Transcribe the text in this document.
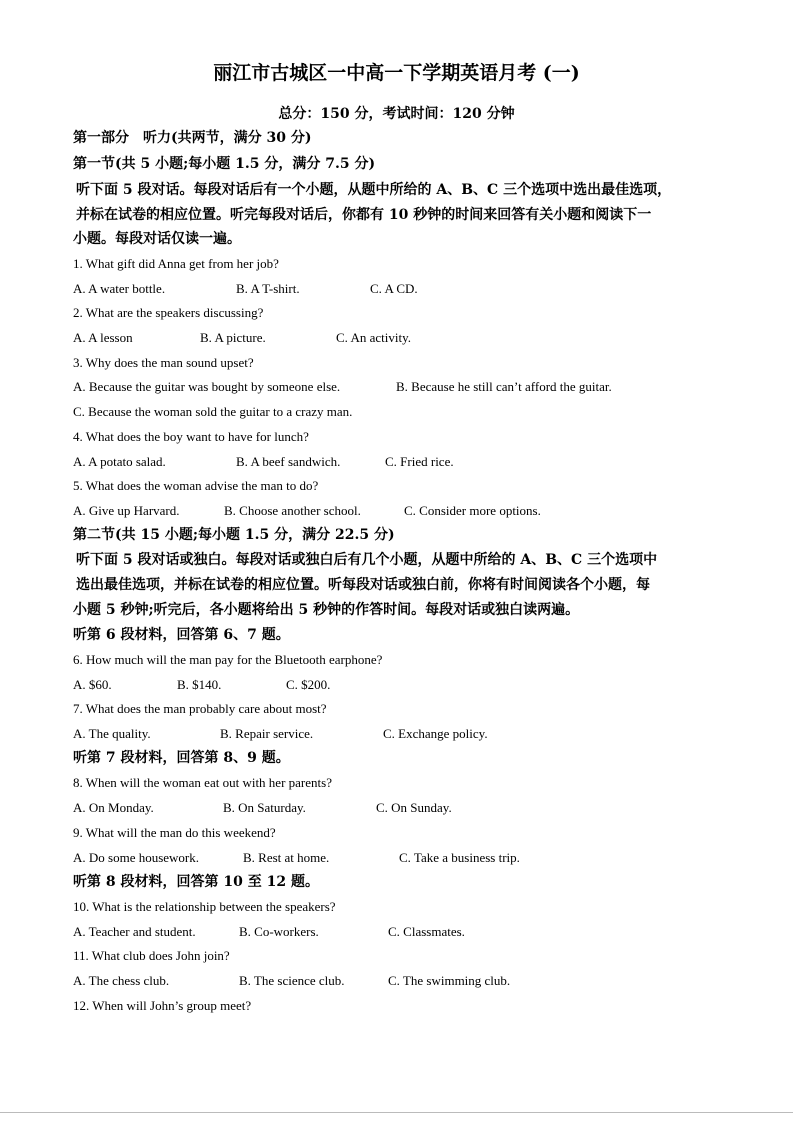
丽江市古城区一中高一下学期英语月考 (一)
总分：150 分，考试时间：120 分钟
第一部分　听力(共两节，满分 30 分)
第一节(共 5 小题;每小题 1.5 分，满分 7.5 分)
听下面 5 段对话。每段对话后有一个小题，从题中所给的 A、B、C 三个选项中选出最佳选项，
并标在试卷的相应位置。听完每段对话后，你都有 10 秒钟的时间来回答有关小题和阅读下一
小题。每段对话仅读一遍。
1. What gift did Anna get from her job?
A. A water bottle.	B. A T-shirt.	C. A CD.
2. What are the speakers discussing?
A. A lesson	B. A picture.	C. An activity.
3. Why does the man sound upset?
A. Because the guitar was bought by someone else.	B. Because he still can’t afford the guitar.
C. Because the woman sold the guitar to a crazy man.
4. What does the boy want to have for lunch?
A. A potato salad.	B. A beef sandwich.	C. Fried rice.
5. What does the woman advise the man to do?
A. Give up Harvard.	B. Choose another school.	C. Consider more options.
第二节(共 15 小题;每小题 1.5 分，满分 22.5 分)
听下面 5 段对话或独白。每段对话或独白后有几个小题，从题中所给的 A、B、C 三个选项中
选出最佳选项，并标在试卷的相应位置。听每段对话或独白前，你将有时间阅读各个小题，每
小题 5 秒钟;听完后，各小题将给出 5 秒钟的作答时间。每段对话或独白读两遍。
听第 6 段材料，回答第 6、7 题。
6. How much will the man pay for the Bluetooth earphone?
A. $60.	B. $140.	C. $200.
7. What does the man probably care about most?
A. The quality.	B. Repair service.	C. Exchange policy.
听第 7 段材料，回答第 8、9 题。
8. When will the woman eat out with her parents?
A. On Monday.	B. On Saturday.	C. On Sunday.
9. What will the man do this weekend?
A. Do some housework.	B. Rest at home.	C. Take a business trip.
听第 8 段材料，回答第 10 至 12 题。
10. What is the relationship between the speakers?
A. Teacher and student.	B. Co-workers.	C. Classmates.
11. What club does John join?
A. The chess club.	B. The science club.	C. The swimming club.
12. When will John’s group meet?
